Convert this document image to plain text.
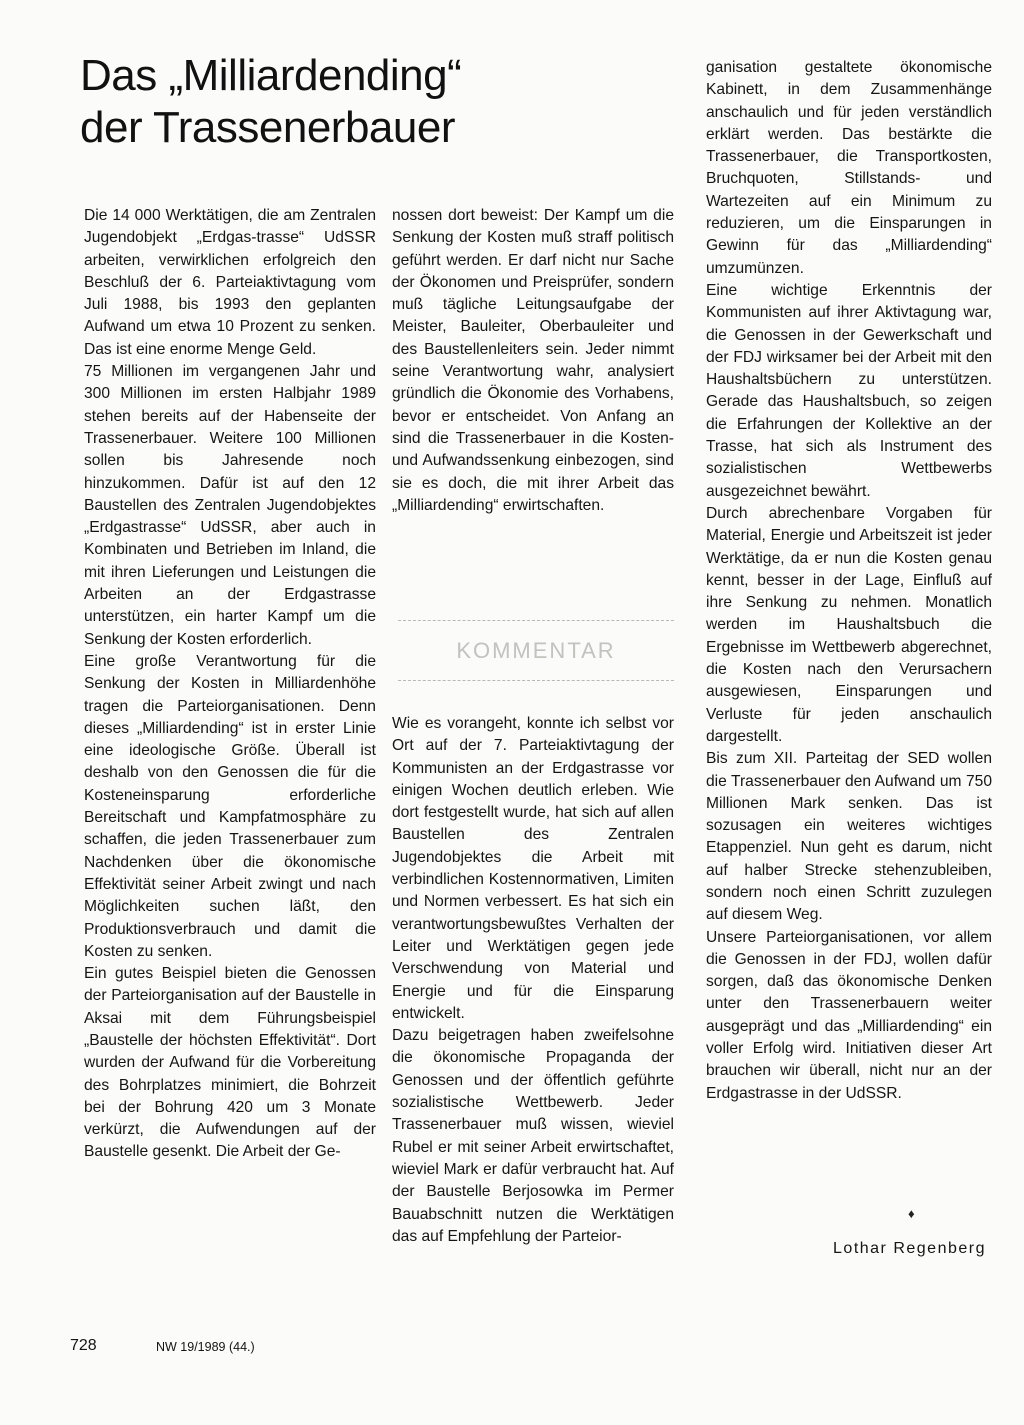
Das „Milliardending“
der Trassenerbauer

Die 14 000 Werktätigen, die am Zentralen Jugendobjekt „Erdgas-trasse“ UdSSR arbeiten, verwirklichen erfolgreich den Beschluß der 6. Parteiaktivtagung vom Juli 1988, bis 1993 den geplanten Aufwand um etwa 10 Prozent zu senken. Das ist eine enorme Menge Geld.

75 Millionen im vergangenen Jahr und 300 Millionen im ersten Halbjahr 1989 stehen bereits auf der Habenseite der Trassenerbauer. Weitere 100 Millionen sollen bis Jahresende noch hinzukommen. Dafür ist auf den 12 Baustellen des Zentralen Jugendobjektes „Erdgastrasse“ UdSSR, aber auch in Kombinaten und Betrieben im Inland, die mit ihren Lieferungen und Leistungen die Arbeiten an der Erdgastrasse unterstützen, ein harter Kampf um die Senkung der Kosten erforderlich.

Eine große Verantwortung für die Senkung der Kosten in Milliardenhöhe tragen die Parteiorganisationen. Denn dieses „Milliardending“ ist in erster Linie eine ideologische Größe. Überall ist deshalb von den Genossen die für die Kosteneinsparung erforderliche Bereitschaft und Kampfatmosphäre zu schaffen, die jeden Trassenerbauer zum Nachdenken über die ökonomische Effektivität seiner Arbeit zwingt und nach Möglichkeiten suchen läßt, den Produktionsverbrauch und damit die Kosten zu senken.

Ein gutes Beispiel bieten die Genossen der Parteiorganisation auf der Baustelle in Aksai mit dem Führungsbeispiel „Baustelle der höchsten Effektivität“. Dort wurden der Aufwand für die Vorbereitung des Bohrplatzes minimiert, die Bohrzeit bei der Bohrung 420 um 3 Monate verkürzt, die Aufwendungen auf der Baustelle gesenkt. Die Arbeit der Ge-

nossen dort beweist: Der Kampf um die Senkung der Kosten muß straff politisch geführt werden. Er darf nicht nur Sache der Ökonomen und Preisprüfer, sondern muß tägliche Leitungsaufgabe der Meister, Bauleiter, Oberbauleiter und des Baustellenleiters sein. Jeder nimmt seine Verantwortung wahr, analysiert gründlich die Ökonomie des Vorhabens, bevor er entscheidet. Von Anfang an sind die Trassenerbauer in die Kosten- und Aufwandssenkung einbezogen, sind sie es doch, die mit ihrer Arbeit das „Milliardending“ erwirtschaften.

KOMMENTAR

Wie es vorangeht, konnte ich selbst vor Ort auf der 7. Parteiaktivtagung der Kommunisten an der Erdgastrasse vor einigen Wochen deutlich erleben. Wie dort festgestellt wurde, hat sich auf allen Baustellen des Zentralen Jugendobjektes die Arbeit mit verbindlichen Kostennormativen, Limiten und Normen verbessert. Es hat sich ein verantwortungsbewußtes Verhalten der Leiter und Werktätigen gegen jede Verschwendung von Material und Energie und für die Einsparung entwickelt.

Dazu beigetragen haben zweifelsohne die ökonomische Propaganda der Genossen und der öffentlich geführte sozialistische Wettbewerb. Jeder Trassenerbauer muß wissen, wieviel Rubel er mit seiner Arbeit erwirtschaftet, wieviel Mark er dafür verbraucht hat. Auf der Baustelle Berjosowka im Permer Bauabschnitt nutzen die Werktätigen das auf Empfehlung der Parteior-

ganisation gestaltete ökonomische Kabinett, in dem Zusammenhänge anschaulich und für jeden verständlich erklärt werden. Das bestärkte die Trassenerbauer, die Transportkosten, Bruchquoten, Stillstands- und Wartezeiten auf ein Minimum zu reduzieren, um die Einsparungen in Gewinn für das „Milliardending“ umzumünzen.

Eine wichtige Erkenntnis der Kommunisten auf ihrer Aktivtagung war, die Genossen in der Gewerkschaft und der FDJ wirksamer bei der Arbeit mit den Haushaltsbüchern zu unterstützen. Gerade das Haushaltsbuch, so zeigen die Erfahrungen der Kollektive an der Trasse, hat sich als Instrument des sozialistischen Wettbewerbs ausgezeichnet bewährt.

Durch abrechenbare Vorgaben für Material, Energie und Arbeitszeit ist jeder Werktätige, da er nun die Kosten genau kennt, besser in der Lage, Einfluß auf ihre Senkung zu nehmen. Monatlich werden im Haushaltsbuch die Ergebnisse im Wettbewerb abgerechnet, die Kosten nach den Verursachern ausgewiesen, Einsparungen und Verluste für jeden anschaulich dargestellt.

Bis zum XII. Parteitag der SED wollen die Trassenerbauer den Aufwand um 750 Millionen Mark senken. Das ist sozusagen ein weiteres wichtiges Etappenziel. Nun geht es darum, nicht auf halber Strecke stehenzubleiben, sondern noch einen Schritt zuzulegen auf diesem Weg.

Unsere Parteiorganisationen, vor allem die Genossen in der FDJ, wollen dafür sorgen, daß das ökonomische Denken unter den Trassenerbauern weiter ausgeprägt und das „Milliardending“ ein voller Erfolg wird. Initiativen dieser Art brauchen wir überall, nicht nur an der Erdgastrasse in der UdSSR.

♦
Lothar Regenberg
728	NW 19/1989 (44.)
